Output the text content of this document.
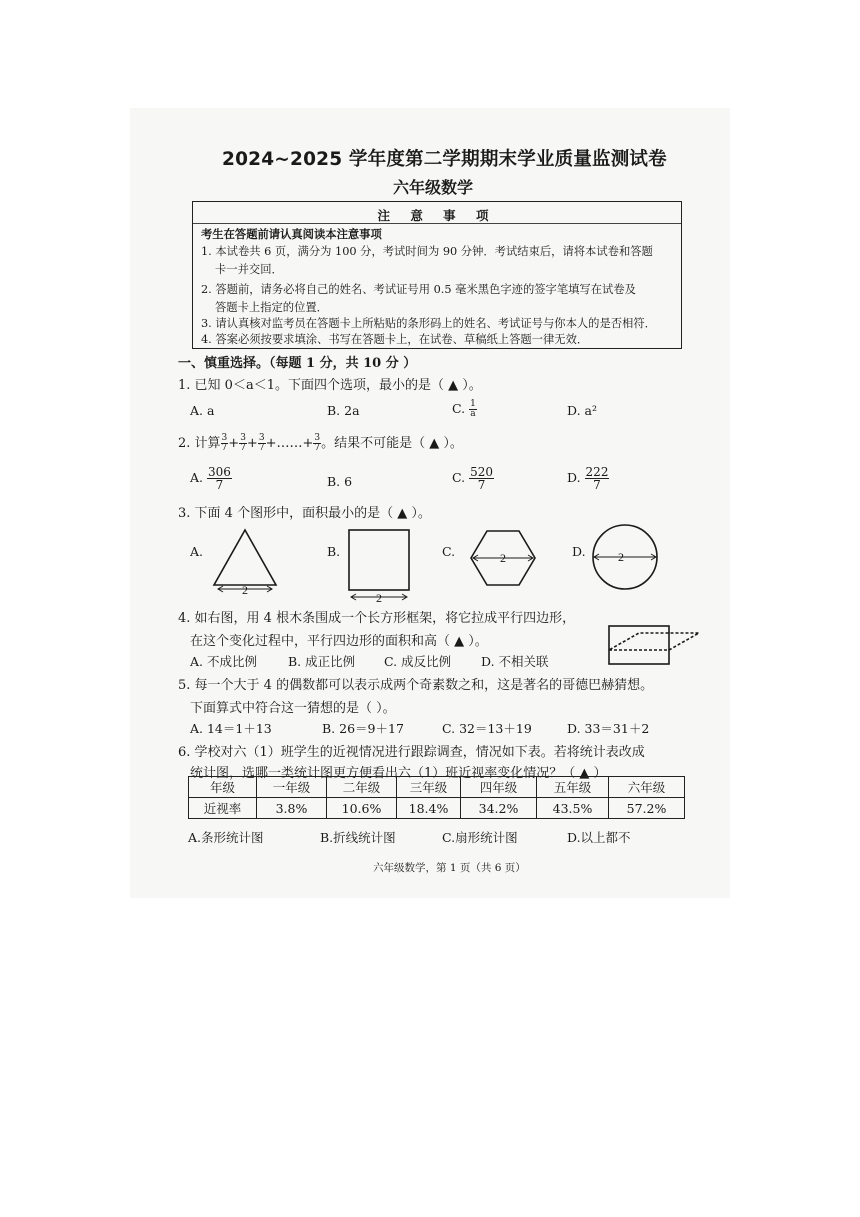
2024~2025 学年度第二学期期末学业质量监测试卷
六年级数学
注 意 事 项
考生在答题前请认真阅读本注意事项
1. 本试卷共 6 页，满分为 100 分，考试时间为 90 分钟．考试结束后，请将本试卷和答题
卡一并交回．
2. 答题前，请务必将自己的姓名、考试证号用 0.5 毫米黑色字迹的签字笔填写在试卷及
答题卡上指定的位置．
3. 请认真核对监考员在答题卡上所粘贴的条形码上的姓名、考试证号与你本人的是否相符．
4. 答案必须按要求填涂、书写在答题卡上，在试卷、草稿纸上答题一律无效．
一、慎重选择。（每题 1 分，共 10 分 ）
1. 已知 0＜a＜1。下面四个选项，最小的是（ ▲ ）。
A. a	B. 2a	C. $\frac{1}{a}$	D. a²
2. 计算 $\frac{3}{7} + \frac{3}{7} + \frac{3}{7}$ +……+ $\frac{3}{7}$ 。结果不可能是（ ▲ ）。
A. $\frac{306}{7}$	B. 6	C. $\frac{520}{7}$	D. $\frac{222}{7}$
3. 下面 4 个图形中，面积最小的是（ ▲ ）。
A.	B.	C.	D.
2
2
2	2
4. 如右图，用 4 根木条围成一个长方形框架，将它拉成平行四边形，
在这个变化过程中，平行四边形的面积和高（ ▲ ）。
A. 不成比例 B. 成正比例 C. 成反比例 D. 不相关联
5. 每一个大于 4 的偶数都可以表示成两个奇素数之和，这是著名的哥德巴赫猜想。
下面算式中符合这一猜想的是（ ）。
A. 14＝1＋13	B. 26＝9＋17	C. 32＝13＋19	D. 33＝31＋2
6. 学校对六（1）班学生的近视情况进行跟踪调查，情况如下表。若将统计表改成
统计图，选哪一类统计图更方便看出六（1）班近视率变化情况？（ ▲ ）
年级	一年级	二年级	三年级	四年级	五年级	六年级
近视率	3.8%	10.6%	18.4%	34.2%	43.5%	57.2%
A.条形统计图	B.折线统计图	C.扇形统计图	D.以上都不
六年级数学，第 1 页（共 6 页）
